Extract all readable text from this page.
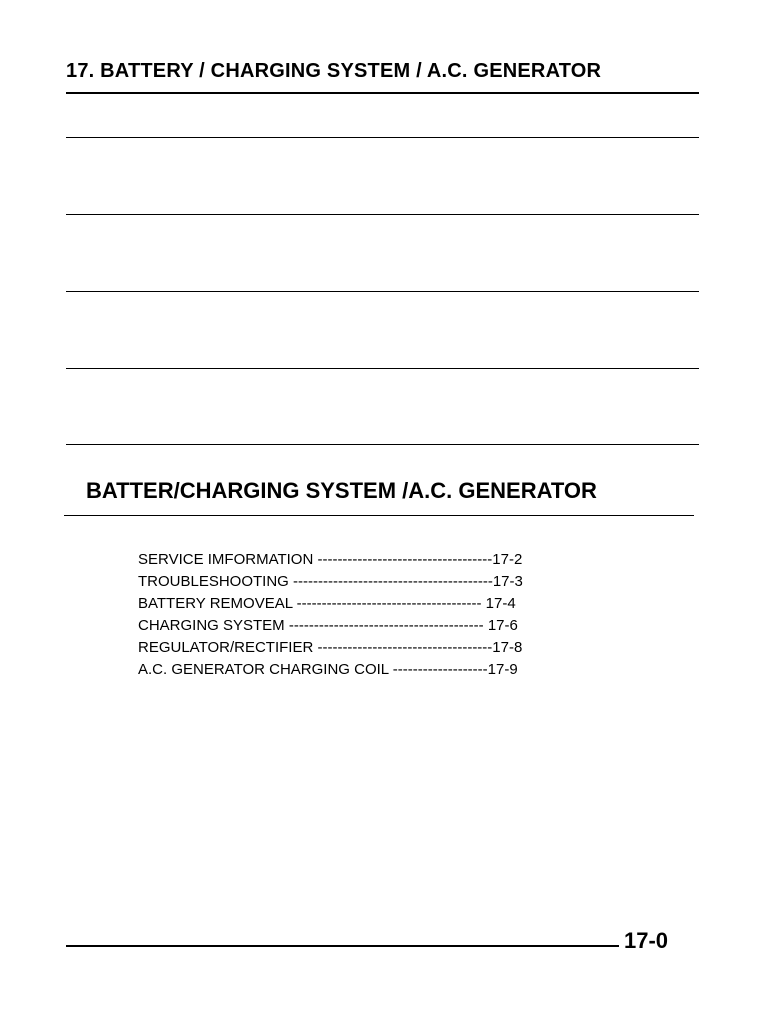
17. BATTERY / CHARGING SYSTEM / A.C. GENERATOR
BATTER/CHARGING SYSTEM /A.C. GENERATOR
SERVICE IMFORMATION -----------------------------------17-2
TROUBLESHOOTING ----------------------------------------17-3
BATTERY REMOVEAL ------------------------------------- 17-4
CHARGING SYSTEM --------------------------------------- 17-6
REGULATOR/RECTIFIER -----------------------------------17-8
A.C. GENERATOR CHARGING COIL -------------------17-9
17-0
